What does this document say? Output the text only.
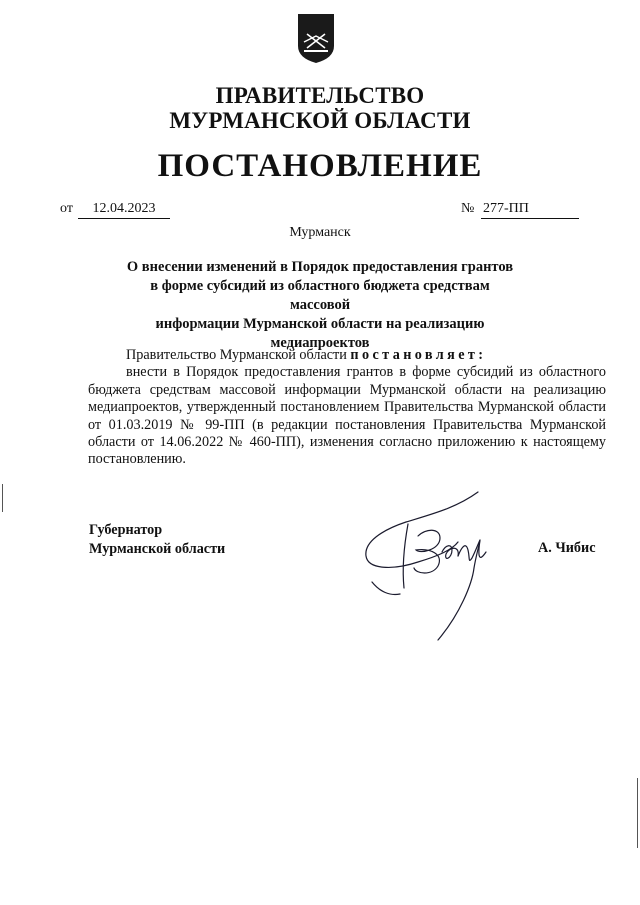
ПРАВИТЕЛЬСТВО
МУРМАНСКОЙ ОБЛАСТИ
ПОСТАНОВЛЕНИЕ
от	12.04.2023	№ 277-ПП
Мурманск
О внесении изменений в Порядок предоставления грантов
в форме субсидий из областного бюджета средствам массовой
информации Мурманской области на реализацию медиапроектов

Правительство Мурманской области постановляет:

внести в Порядок предоставления грантов в форме субсидий из областного бюджета средствам массовой информации Мурманской области на реализацию медиапроектов, утвержденный постановлением Правительства Мурманской области от 01.03.2019 № 99-ПП (в редакции постановления Правительства Мурманской области от 14.06.2022 № 460-ПП), изменения согласно приложению к настоящему постановлению.

Губернатор
Мурманской области	А. Чибис
